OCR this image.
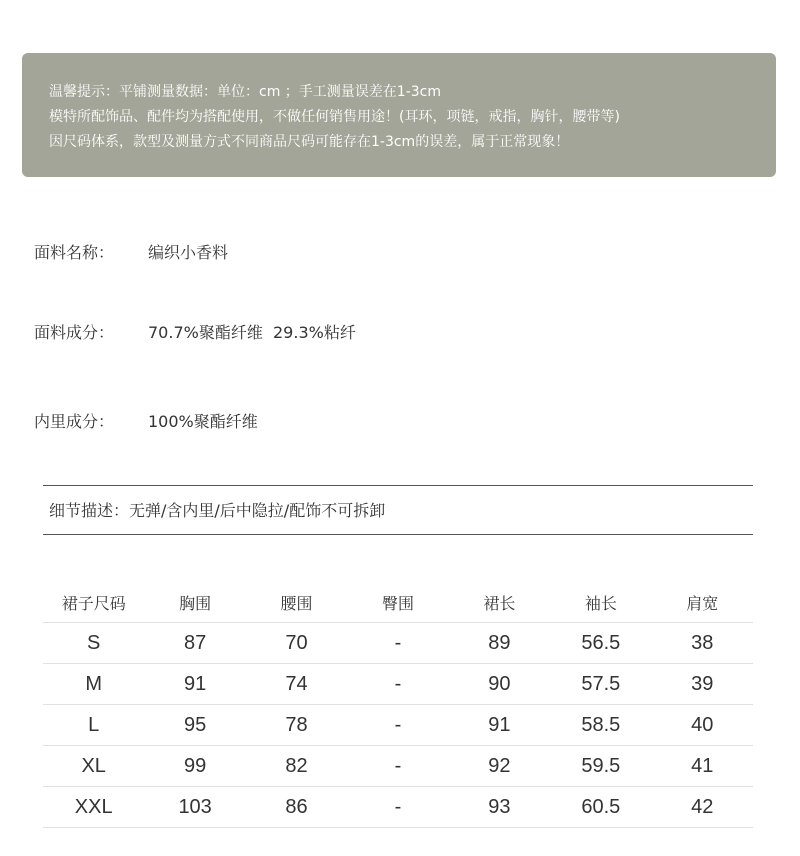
温馨提示：平铺测量数据：单位：cm ；手工测量误差在1-3cm
模特所配饰品、配件均为搭配使用，不做任何销售用途！(耳环，项链，戒指，胸针，腰带等)
因尺码体系，款型及测量方式不同商品尺码可能存在1-3cm的误差，属于正常现象！
面料名称： 编织小香料
面料成分： 70.7%聚酯纤维  29.3%粘纤
内里成分： 100%聚酯纤维
细节描述：无弹/含内里/后中隐拉/配饰不可拆卸
裙子尺码	胸围	腰围	臀围	裙长	袖长	肩宽
S	87	70	-	89	56.5	38
M	91	74	-	90	57.5	39
L	95	78	-	91	58.5	40
XL	99	82	-	92	59.5	41
XXL	103	86	-	93	60.5	42
